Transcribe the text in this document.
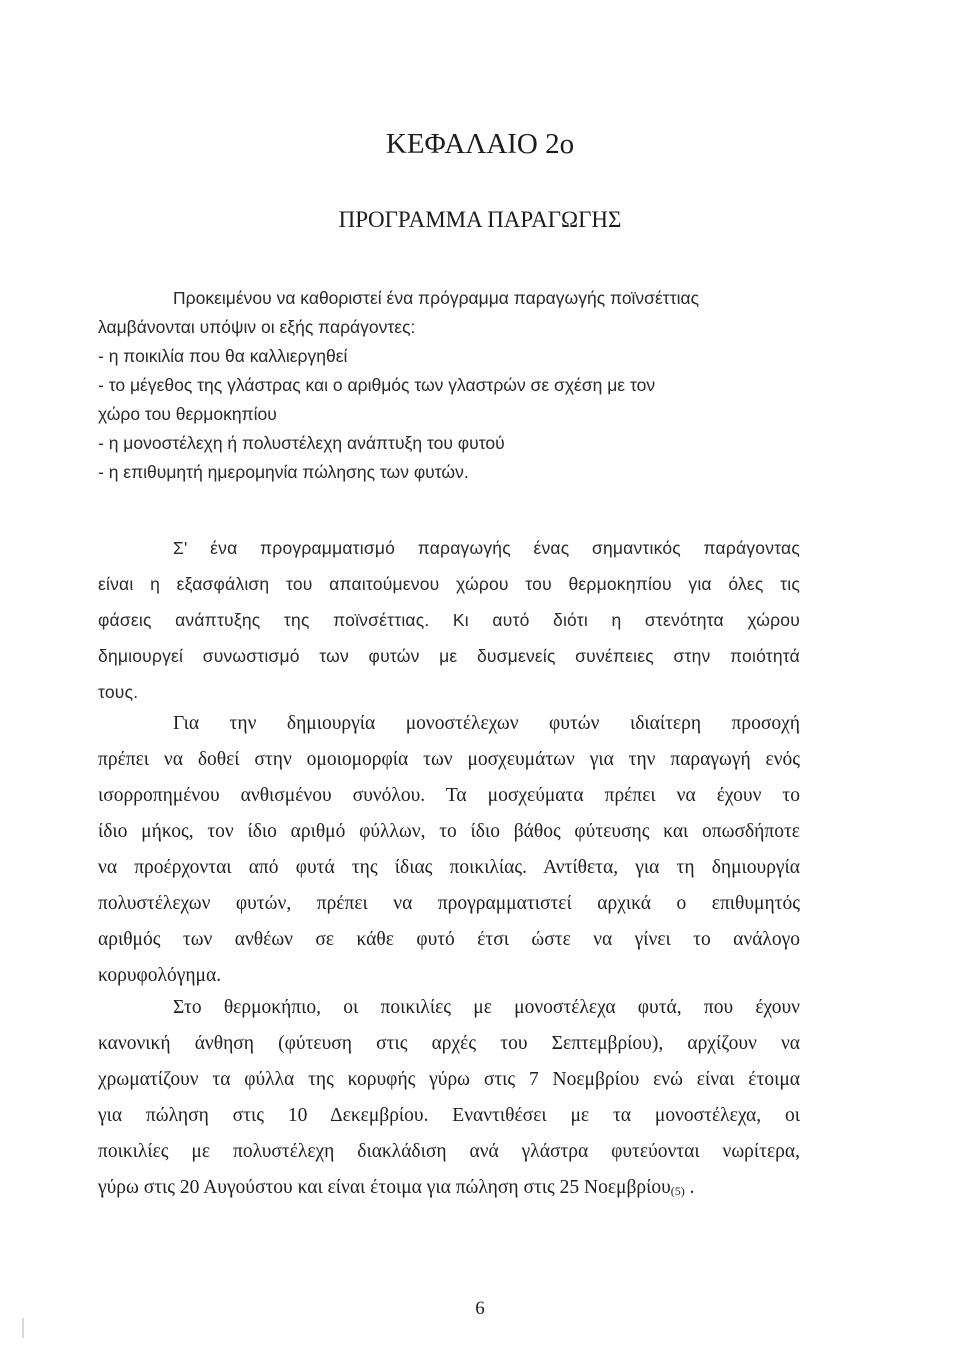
ΚΕΦΑΛΑΙΟ 2ο
ΠΡΟΓΡΑΜΜΑ ΠΑΡΑΓΩΓΗΣ
Προκειμένου να καθοριστεί ένα πρόγραμμα παραγωγής ποϊνσέττιας
λαμβάνονται υπόψιν οι εξής παράγοντες:
- η ποικιλία που θα καλλιεργηθεί
- το μέγεθος της γλάστρας και ο αριθμός των γλαστρών σε σχέση με τον
χώρο του θερμοκηπίου
- η μονοστέλεχη ή πολυστέλεχη ανάπτυξη του φυτού
- η επιθυμητή ημερομηνία πώλησης των φυτών.
Σ' ένα προγραμματισμό παραγωγής ένας σημαντικός παράγοντας
είναι η εξασφάλιση του απαιτούμενου χώρου του θερμοκηπίου για όλες τις
φάσεις ανάπτυξης της ποϊνσέττιας. Κι αυτό διότι η στενότητα χώρου
δημιουργεί συνωστισμό των φυτών με δυσμενείς συνέπειες στην ποιότητά
τους.
Για την δημιουργία μονοστέλεχων φυτών ιδιαίτερη προσοχή
πρέπει να δοθεί στην ομοιομορφία των μοσχευμάτων για την παραγωγή ενός
ισορροπημένου ανθισμένου συνόλου. Τα μοσχεύματα πρέπει να έχουν το
ίδιο μήκος, τον ίδιο αριθμό φύλλων, το ίδιο βάθος φύτευσης και οπωσδήποτε
να προέρχονται από φυτά της ίδιας ποικιλίας. Αντίθετα, για τη δημιουργία
πολυστέλεχων φυτών, πρέπει να προγραμματιστεί αρχικά ο επιθυμητός
αριθμός των ανθέων σε κάθε φυτό έτσι ώστε να γίνει το ανάλογο
κορυφολόγημα.
Στο θερμοκήπιο, οι ποικιλίες με μονοστέλεχα φυτά, που έχουν
κανονική άνθηση (φύτευση στις αρχές του Σεπτεμβρίου), αρχίζουν να
χρωματίζουν τα φύλλα της κορυφής γύρω στις 7 Νοεμβρίου ενώ είναι έτοιμα
για πώληση στις 10 Δεκεμβρίου. Εναντιθέσει με τα μονοστέλεχα, οι
ποικιλίες με πολυστέλεχη διακλάδιση ανά γλάστρα φυτεύονται νωρίτερα,
γύρω στις 20 Αυγούστου και είναι έτοιμα για πώληση στις 25 Νοεμβρίου(5) .
6
